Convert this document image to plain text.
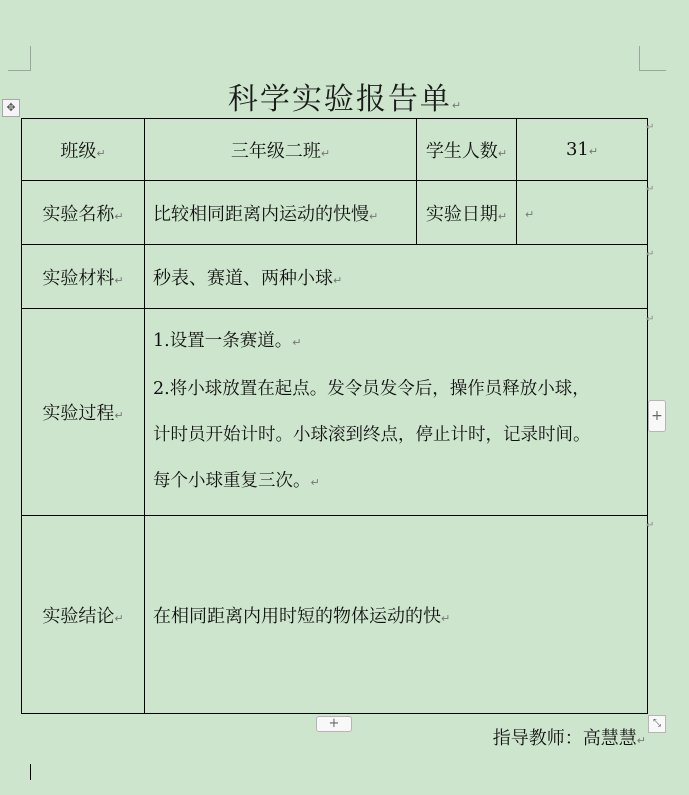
科学实验报告单↵
✥
班级↵	三年级二班↵	学生人数↵	31↵
实验名称↵	比较相同距离内运动的快慢↵	实验日期↵	↵
实验材料↵	秒表、赛道、两种小球↵		
实验过程↵	1.设置一条赛道。↵

2.将小球放置在起点。发令员发令后，操作员释放小球，

计时员开始计时。小球滚到终点，停止计时，记录时间。

每个小球重复三次。↵		

实验结论↵	在相同距离内用时短的物体运动的快↵		
↵
↵
↵
↵
↵
+
+	⤡
指导教师：高慧慧↵
